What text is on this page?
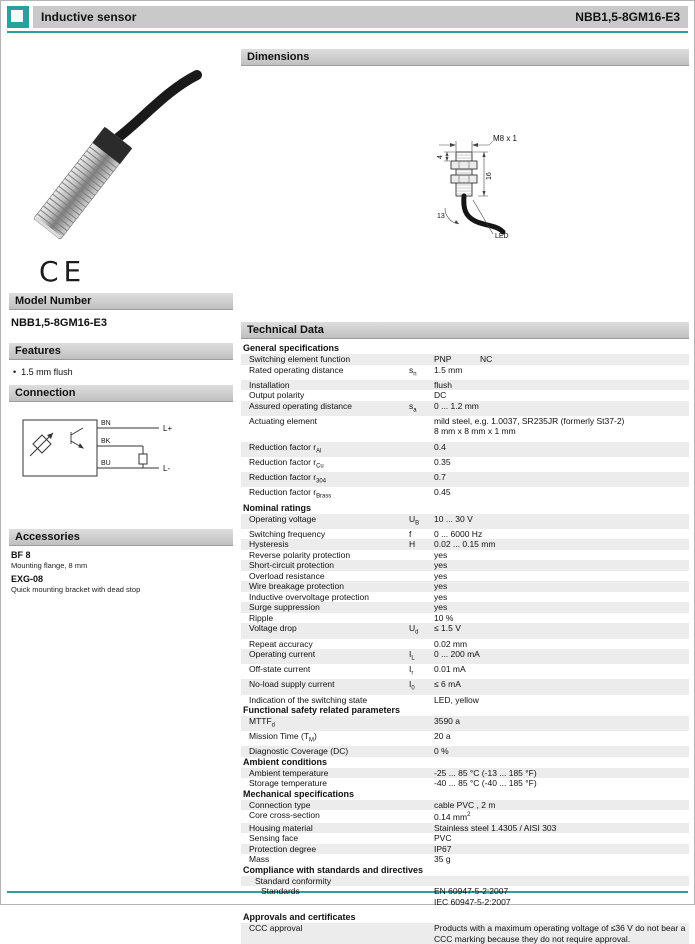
Inductive sensor	NBB1,5-8GM16-E3
CE
Model Number
NBB1,5-8GM16-E3
Features
• 1.5 mm flush
Connection
BN
BK
BU
L+
L-
Accessories
BF 8
Mounting flange, 8 mm
EXG-08
Quick mounting bracket with dead stop
Dimensions
M8 x 1
4
16
13
LED
Technical Data
General specifications
Switching element function	PNP	NC
Rated operating distance	$s_n$	1.5 mm
Installation	flush
Output polarity	DC
Assured operating distance	$s_a$	0 ... 1.2 mm
Actuating element	mild steel, e.g. 1.0037, SR235JR (formerly St37-2)
8 mm x 8 mm x 1 mm
Reduction factor $r_{Al}$	0.4
Reduction factor $r_{Cu}$	0.35
Reduction factor $r_{304}$	0.7
Reduction factor $r_{Brass}$	0.45
Nominal ratings
Operating voltage	$U_B$	10 ... 30 V
Switching frequency	f	0 ... 6000 Hz
Hysteresis	H	0.02 ... 0.15 mm
Reverse polarity protection	yes
Short-circuit protection	yes
Overload resistance	yes
Wire breakage protection	yes
Inductive overvoltage protection	yes
Surge suppression	yes
Ripple	10 %
Voltage drop	$U_d$	≤ 1.5 V
Repeat accuracy	0.02 mm
Operating current	$I_L$	0 ... 200 mA
Off-state current	$I_r$	0.01 mA
No-load supply current	$I_0$	≤ 6 mA
Indication of the switching state	LED, yellow
Functional safety related parameters
$MTTF_d$	3590 a
Mission Time $(T_M)$	20 a
Diagnostic Coverage (DC)	0 %
Ambient conditions
Ambient temperature	-25 ... 85 °C (-13 ... 185 °F)
Storage temperature	-40 ... 85 °C (-40 ... 185 °F)
Mechanical specifications
Connection type	cable PVC , 2 m
Core cross-section	0.14 $mm^2$
Housing material	Stainless steel 1.4305 / AISI 303
Sensing face	PVC
Protection degree	IP67
Mass	35 g
Compliance with standards and directives
Standard conformity
Standards	EN 60947-5-2:2007
IEC 60947-5-2:2007
Approvals and certificates
CCC approval	Products with a maximum operating voltage of ≤36 V do not bear a CCC marking because they do not require approval.
